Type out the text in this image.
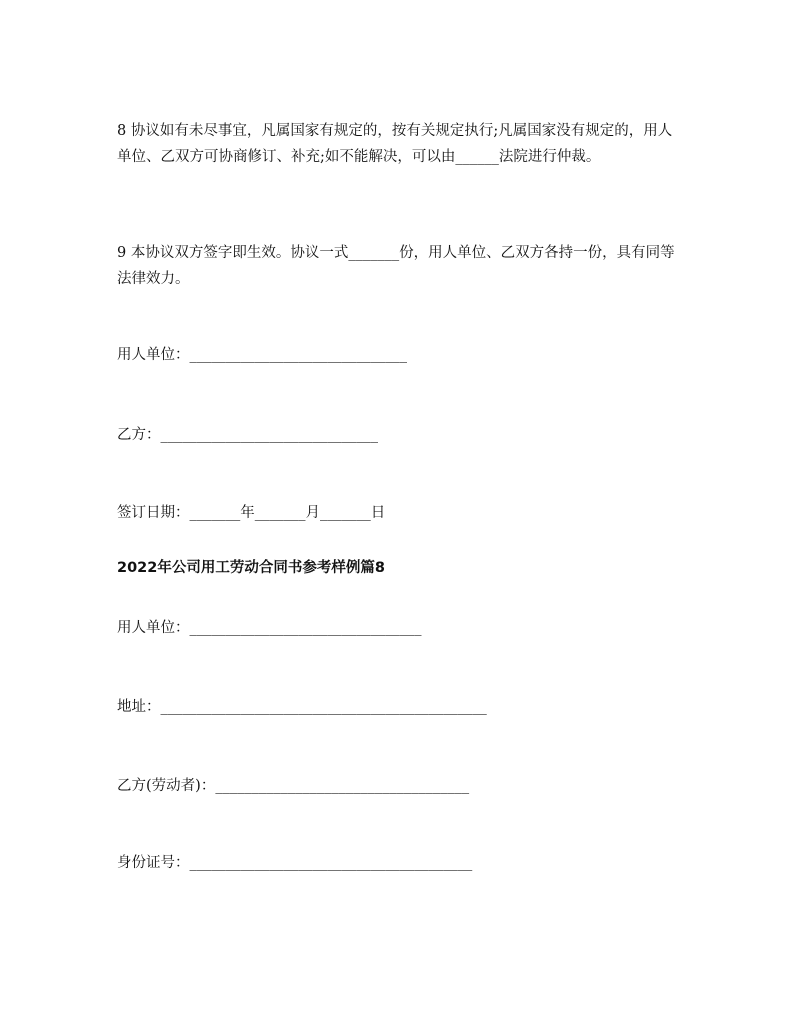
8 协议如有未尽事宜，凡属国家有规定的，按有关规定执行;凡属国家没有规定的，用人单位、乙双方可协商修订、补充;如不能解决，可以由______法院进行仲裁。

9 本协议双方签字即生效。协议一式_______份，用人单位、乙双方各持一份，具有同等法律效力。

用人单位：______________________________
乙方：______________________________
签订日期：_______年_______月_______日
2022年公司用工劳动合同书参考样例篇8
用人单位：________________________________
地址：_____________________________________________
乙方(劳动者)：___________________________________
身份证号：_______________________________________
